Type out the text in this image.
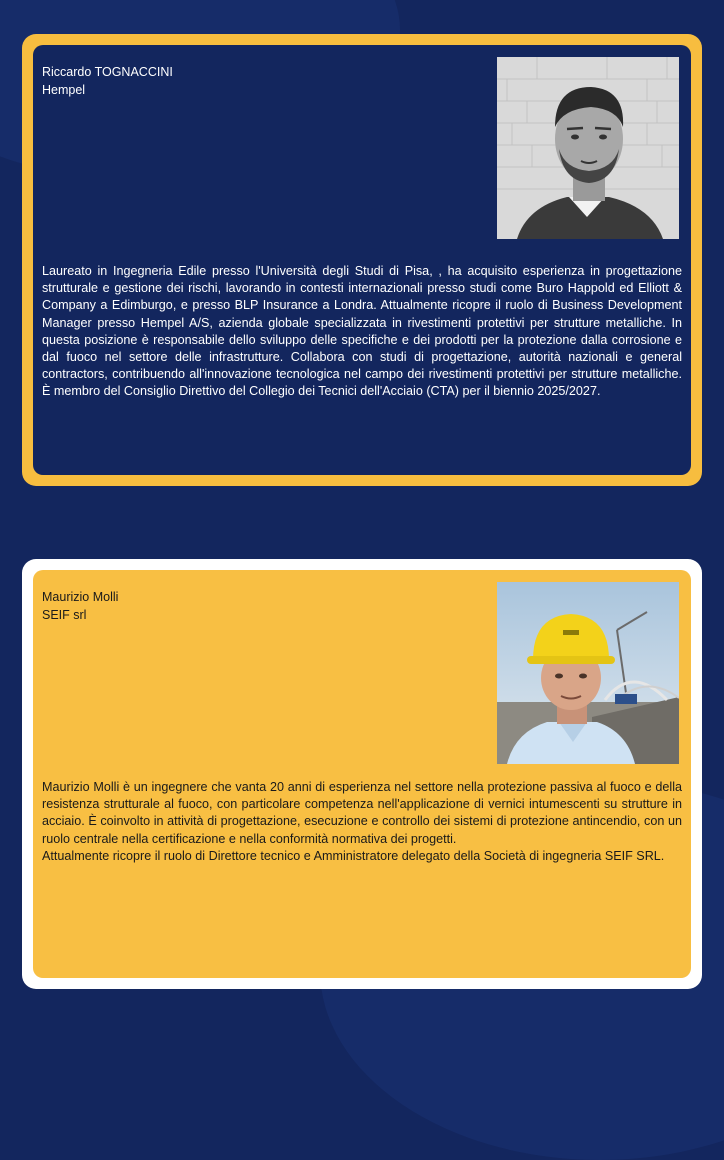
Riccardo TOGNACCINI
Hempel

Laureato in Ingegneria Edile presso l'Università degli Studi di Pisa, , ha acquisito esperienza in progettazione strutturale e gestione dei rischi, lavorando in contesti internazionali presso studi come Buro Happold ed Elliott & Company a Edimburgo, e presso BLP Insurance a Londra. Attualmente ricopre il ruolo di Business Development Manager presso Hempel A/S, azienda globale specializzata in rivestimenti protettivi per strutture metalliche. In questa posizione è responsabile dello sviluppo delle specifiche e dei prodotti per la protezione dalla corrosione e dal fuoco nel settore delle infrastrutture. Collabora con studi di progettazione, autorità nazionali e general contractors, contribuendo all'innovazione tecnologica nel campo dei rivestimenti protettivi per strutture metalliche. È membro del Consiglio Direttivo del Collegio dei Tecnici dell'Acciaio (CTA) per il biennio 2025/2027.

Maurizio Molli
SEIF srl

Maurizio Molli è un ingegnere che vanta 20 anni di esperienza nel settore nella protezione passiva al fuoco e della resistenza strutturale al fuoco, con particolare competenza nell'applicazione di vernici intumescenti su strutture in acciaio. È coinvolto in attività di progettazione, esecuzione e controllo dei sistemi di protezione antincendio, con un ruolo centrale nella certificazione e nella conformità normativa dei progetti.

Attualmente ricopre il ruolo di Direttore tecnico e Amministratore delegato della Società di ingegneria SEIF SRL.
